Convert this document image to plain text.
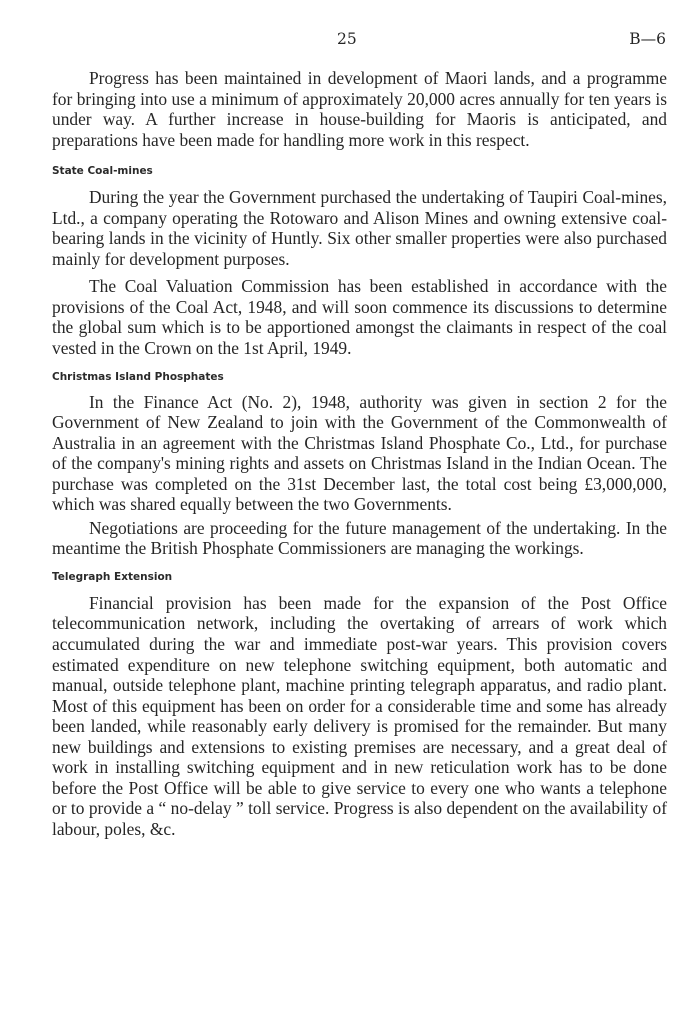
25	B—6

Progress has been maintained in development of Maori lands, and a programme for bringing into use a minimum of approximately 20,000 acres annually for ten years is under way. A further increase in house-building for Maoris is anticipated, and preparations have been made for handling more work in this respect.

State Coal-mines

During the year the Government purchased the undertaking of Taupiri Coal-mines, Ltd., a company operating the Rotowaro and Alison Mines and owning extensive coal-bearing lands in the vicinity of Huntly. Six other smaller properties were also purchased mainly for development purposes.

The Coal Valuation Commission has been established in accordance with the provisions of the Coal Act, 1948, and will soon commence its discussions to determine the global sum which is to be apportioned amongst the claimants in respect of the coal vested in the Crown on the 1st April, 1949.

Christmas Island Phosphates

In the Finance Act (No. 2), 1948, authority was given in section 2 for the Government of New Zealand to join with the Government of the Commonwealth of Australia in an agreement with the Christmas Island Phosphate Co., Ltd., for purchase of the company's mining rights and assets on Christmas Island in the Indian Ocean. The purchase was completed on the 31st December last, the total cost being £3,000,000, which was shared equally between the two Governments.

Negotiations are proceeding for the future management of the undertaking. In the meantime the British Phosphate Commissioners are managing the workings.

Telegraph Extension

Financial provision has been made for the expansion of the Post Office telecommunication network, including the overtaking of arrears of work which accumulated during the war and immediate post-war years. This provision covers estimated expenditure on new telephone switching equipment, both automatic and manual, outside telephone plant, machine printing telegraph apparatus, and radio plant. Most of this equipment has been on order for a considerable time and some has already been landed, while reasonably early delivery is promised for the remainder. But many new buildings and extensions to existing premises are necessary, and a great deal of work in installing switching equipment and in new reticulation work has to be done before the Post Office will be able to give service to every one who wants a telephone or to provide a “ no-delay ” toll service. Progress is also dependent on the availability of labour, poles, &c.
